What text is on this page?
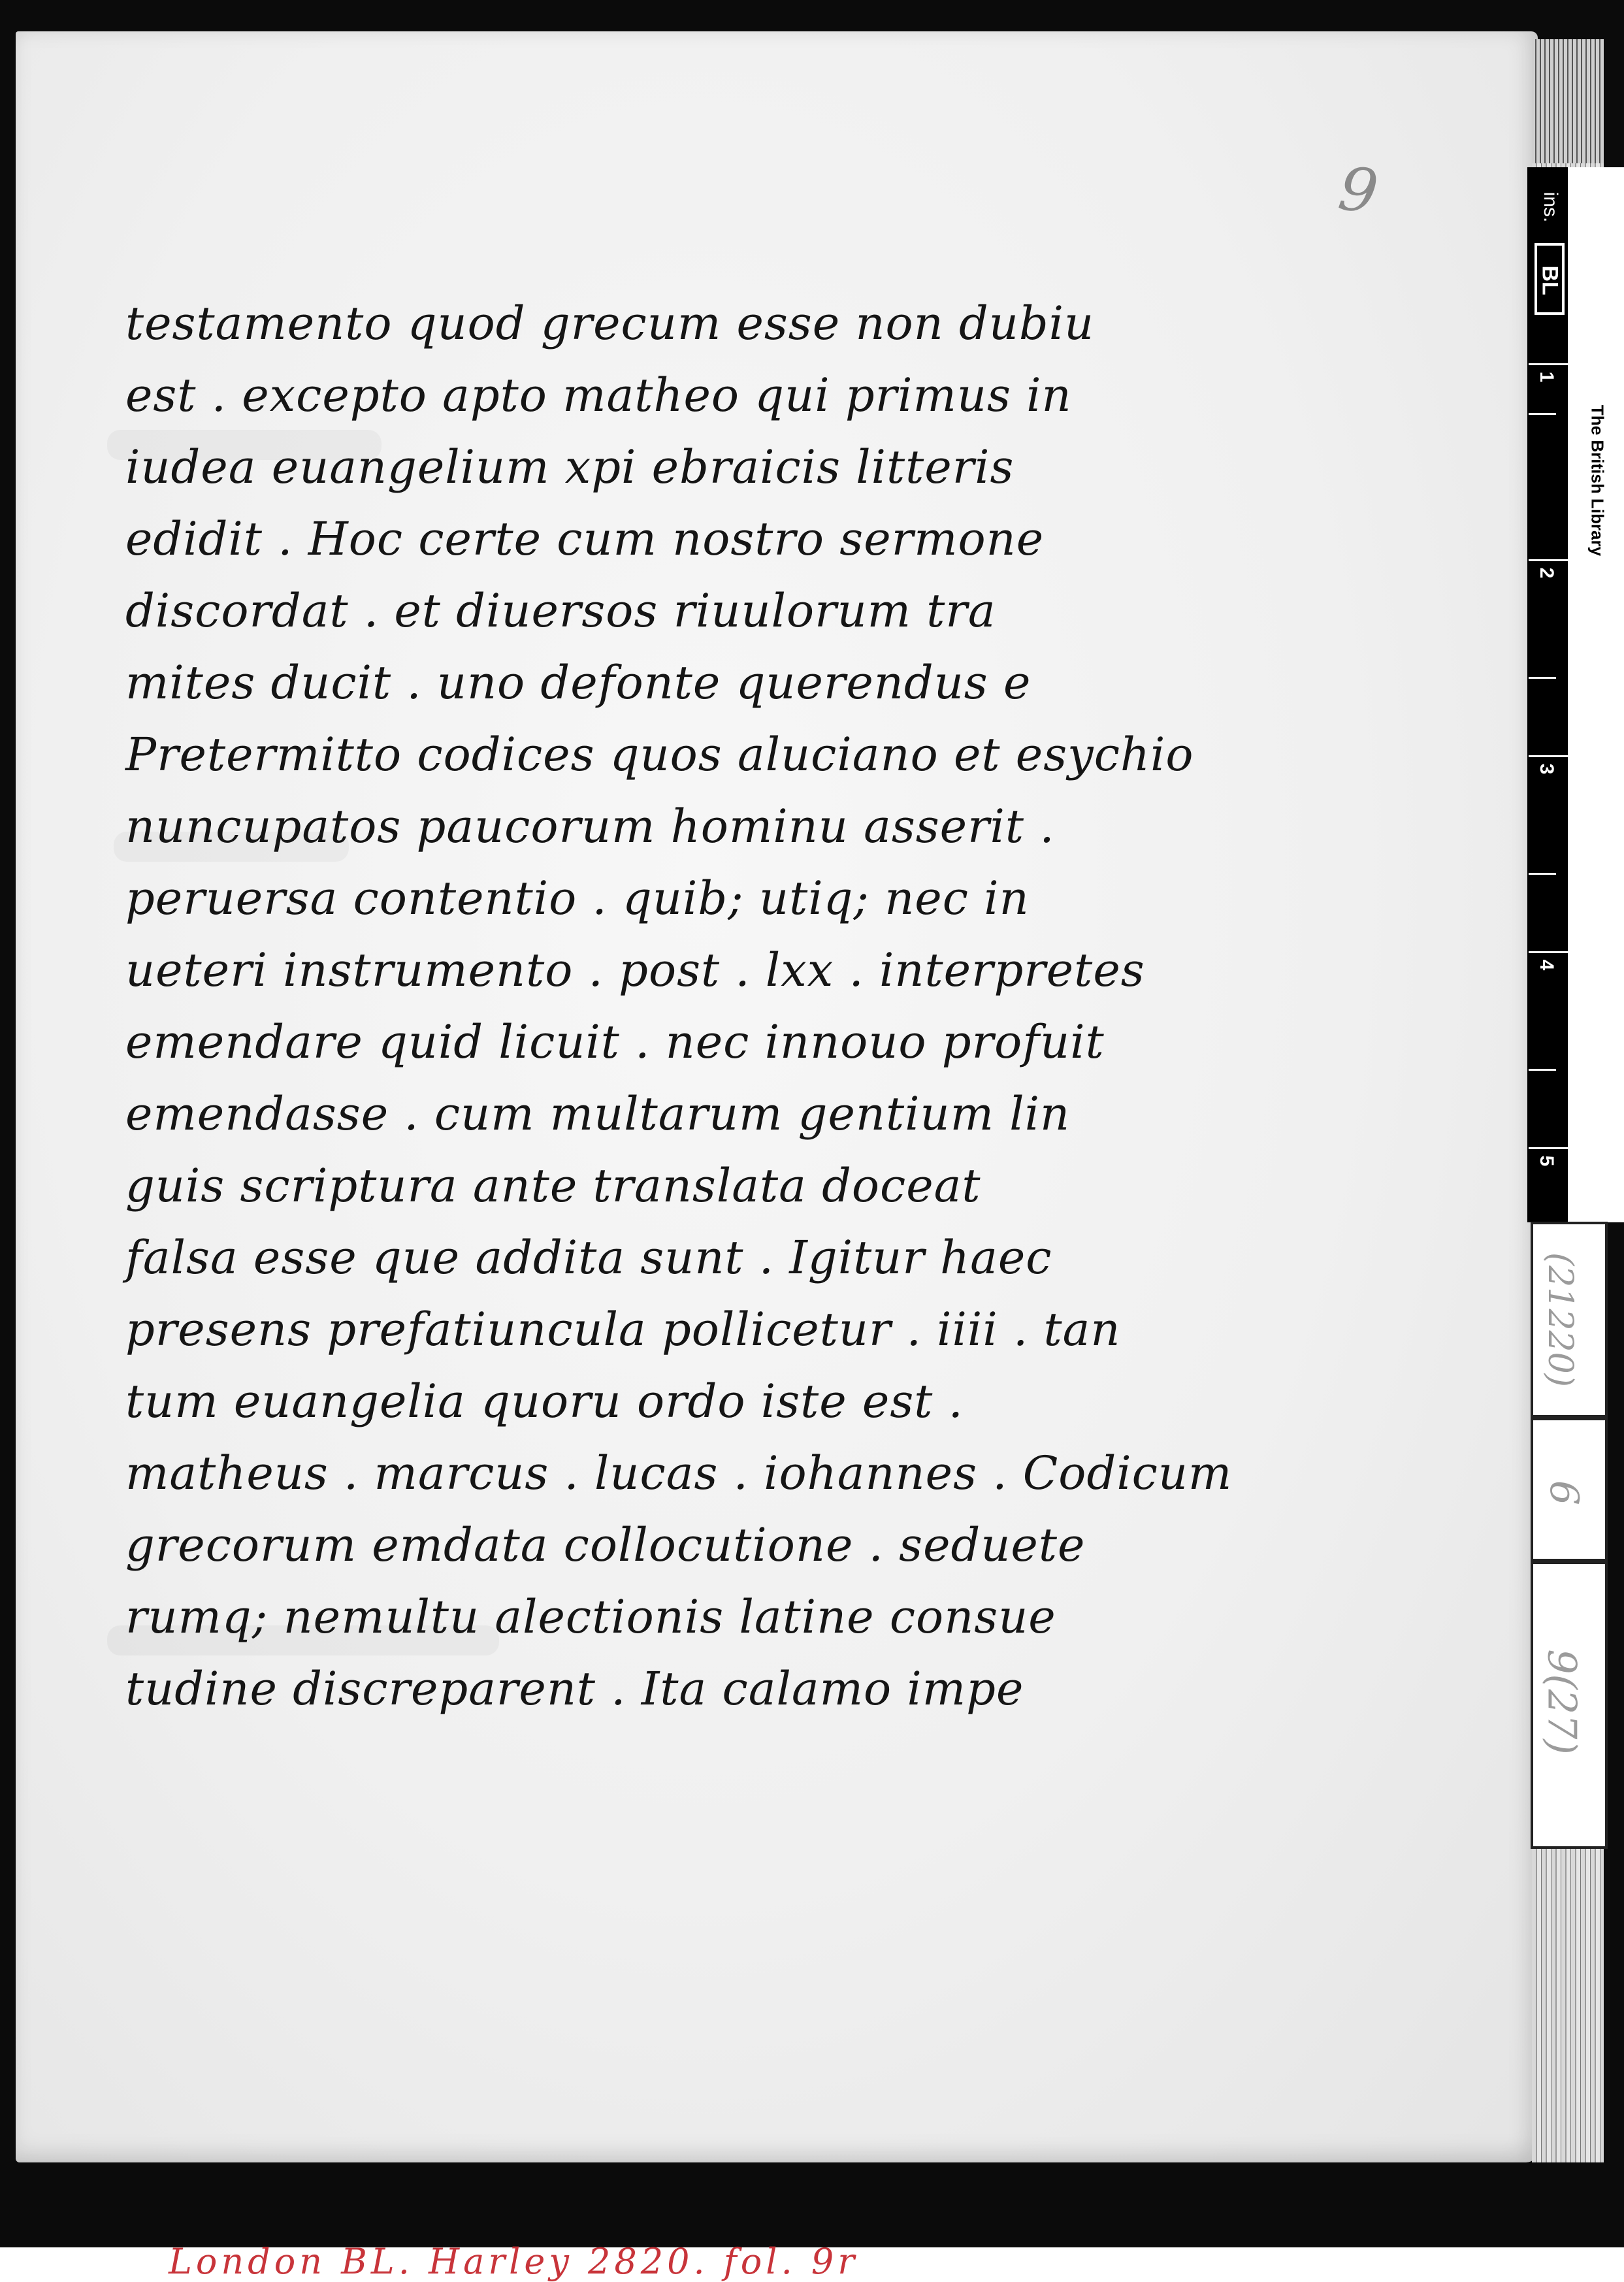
9
testamento quod grecum esse non dubiu
est . excepto apto matheo qui primus in
iudea euangelium xpi ebraicis litteris
edidit . Hoc certe cum nostro sermone
discordat . et diuersos riuulorum tra
mites ducit . uno defonte querendus e
Pretermitto codices quos aluciano et esychio
nuncupatos paucorum hominu asserit .
peruersa contentio . quib; utiq; nec in
ueteri instrumento . post . lxx . interpretes
emendare quid licuit . nec innouo profuit
emendasse . cum multarum gentium lin
guis scriptura ante translata doceat
falsa esse que addita sunt . Igitur haec
presens prefatiuncula pollicetur . iiii . tan
tum euangelia quoru ordo iste est .
matheus . marcus . lucas . iohannes . Codicum
grecorum emdata collocutione . seduete
rumq; nemultu alectionis latine consue
tudine discreparent . Ita calamo impe
ins.
BL
The British Library
1
2
3
4
5
(21220)
6
9(27)
London BL. Harley 2820. fol. 9r
